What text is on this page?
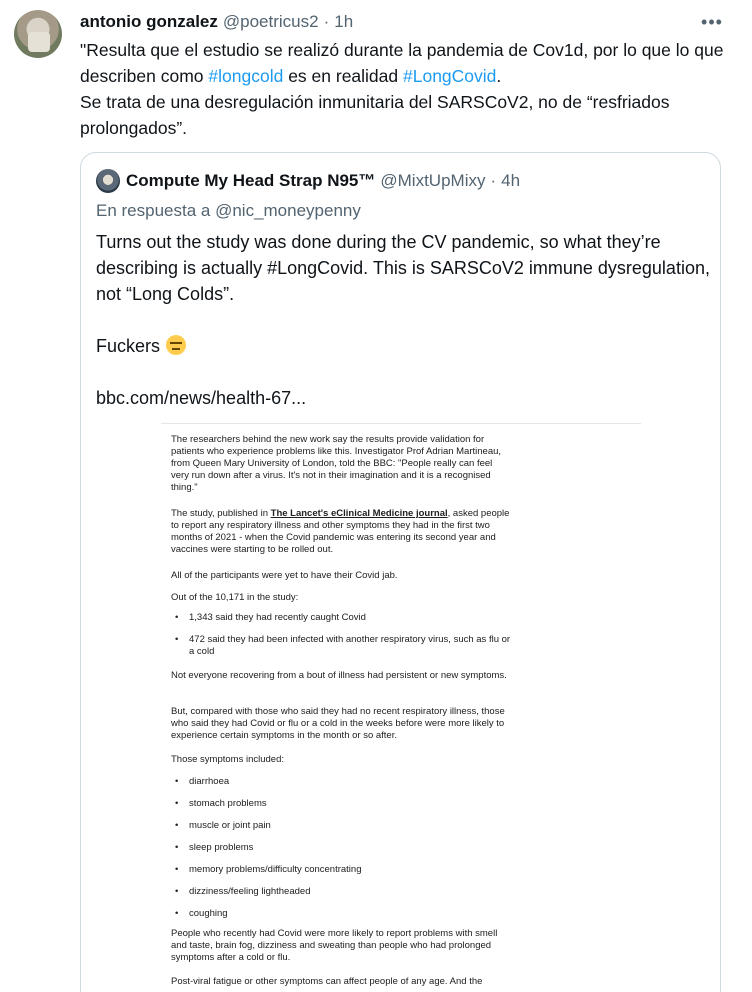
antonio gonzalez @poetricus2 · 1h	•••
"Resulta que el estudio se realizó durante la pandemia de Cov1d, por lo que lo que describen como #longcold es en realidad #LongCovid.
Se trata de una desregulación inmunitaria del SARSCoV2, no de “resfriados prolongados”.
Compute My Head Strap N95™ @MixtUpMixy · 4h
En respuesta a @nic_moneypenny
Turns out the study was done during the CV pandemic, so what they’re describing is actually #LongCovid. This is SARSCoV2 immune dysregulation, not “Long Colds”.

Fuckers

bbc.com/news/health-67...

The researchers behind the new work say the results provide validation for patients who experience problems like this. Investigator Prof Adrian Martineau, from Queen Mary University of London, told the BBC: "People really can feel very run down after a virus. It's not in their imagination and it is a recognised thing."

The study, published in The Lancet's eClinical Medicine journal, asked people to report any respiratory illness and other symptoms they had in the first two months of 2021 - when the Covid pandemic was entering its second year and vaccines were starting to be rolled out.

All of the participants were yet to have their Covid jab.

Out of the 10,171 in the study:

• 1,343 said they had recently caught Covid
• 472 said they had been infected with another respiratory virus, such as flu or a cold

Not everyone recovering from a bout of illness had persistent or new symptoms.

But, compared with those who said they had no recent respiratory illness, those who said they had Covid or flu or a cold in the weeks before were more likely to experience certain symptoms in the month or so after.

Those symptoms included:

• diarrhoea
• stomach problems
• muscle or joint pain
• sleep problems
• memory problems/difficulty concentrating
• dizziness/feeling lightheaded
• coughing

People who recently had Covid were more likely to report problems with smell and taste, brain fog, dizziness and sweating than people who had prolonged symptoms after a cold or flu.

Post-viral fatigue or other symptoms can affect people of any age. And the
